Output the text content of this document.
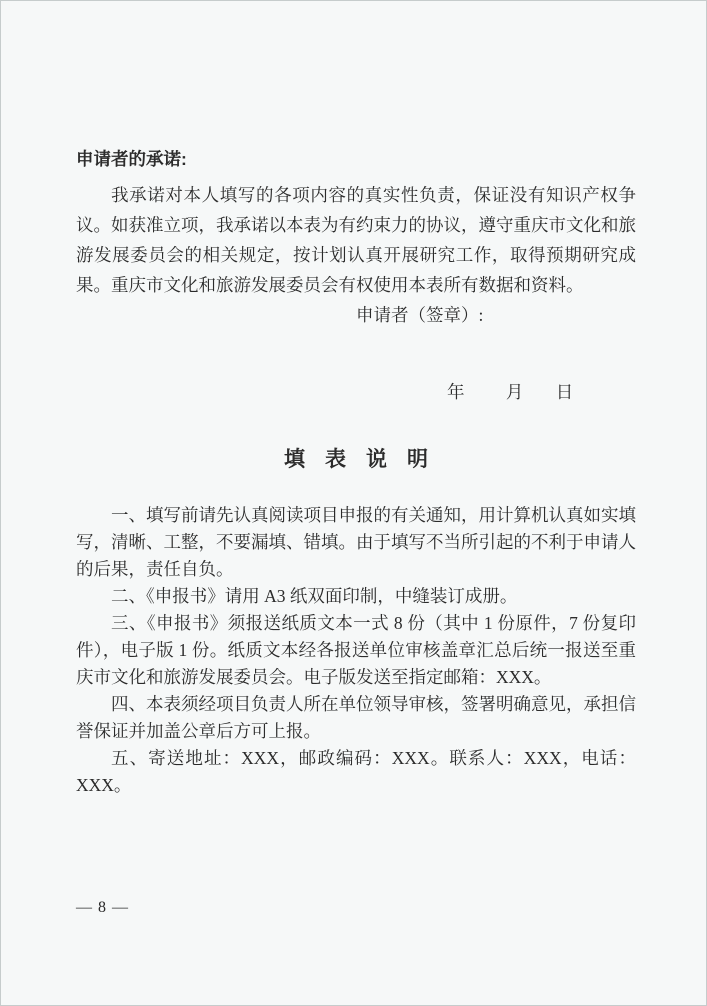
申请者的承诺:

我承诺对本人填写的各项内容的真实性负责，保证没有知识产权争议。如获准立项，我承诺以本表为有约束力的协议，遵守重庆市文化和旅游发展委员会的相关规定，按计划认真开展研究工作，取得预期研究成果。重庆市文化和旅游发展委员会有权使用本表所有数据和资料。

申请者（签章）:
年 月 日
填表说明

一、填写前请先认真阅读项目申报的有关通知，用计算机认真如实填写，清晰、工整，不要漏填、错填。由于填写不当所引起的不利于申请人的后果，责任自负。

二、《申报书》请用 A3 纸双面印制，中缝装订成册。

三、《申报书》须报送纸质文本一式 8 份（其中 1 份原件，7 份复印件），电子版 1 份。纸质文本经各报送单位审核盖章汇总后统一报送至重庆市文化和旅游发展委员会。电子版发送至指定邮箱：XXX。

四、本表须经项目负责人所在单位领导审核，签署明确意见，承担信誉保证并加盖公章后方可上报。

五、寄送地址：XXX，邮政编码：XXX。联系人：XXX，电话：XXX。

— 8 —
